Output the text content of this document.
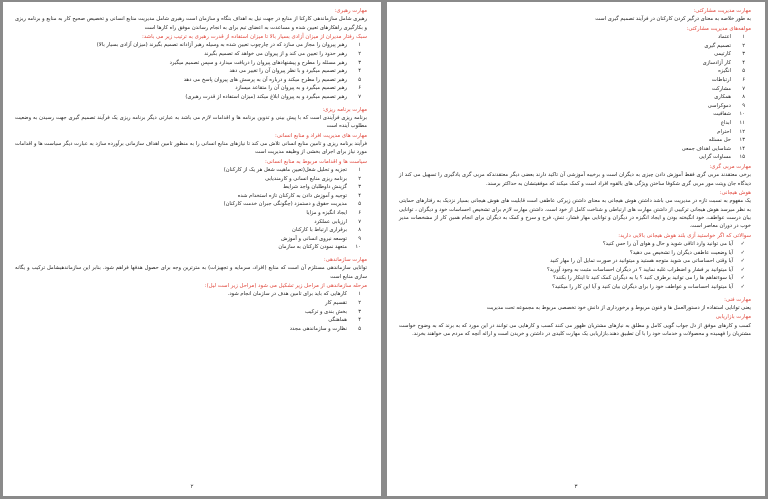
مهارت رهبری:
رهبری شامل سازماندهی کارکنا از منابع در جهت نیل به اهداف بنگاه و سازمان است رهبری شامل مدیریت منابع انسانی و تخصیص صحیح کار به منابع و برنامه ریزی و بکارگیری راهکارهای تعیین شده و مساعدت به اعضای تیم برای به انجام رساندن موفق راه کارها است
سبک رفتار مدیران از میزان آزادی بسیار بالا تا میزان استفاده از قدرت رهبری به ترتیب زیر می باشد:
۱
رهبر پیروان را مجاز می سازد که در چارچوب تعیین شده به وسیله رهبر آزادانه تصمیم بگیرند (میزان آزادی بسیار بالا)
۲
رهبر حدود را تعیین می کند و از پیروان می خواهد که تصمیم بگیرند
۳
رهبر مسئله را مطرح و پیشنهادهای پیروان را دریافت میدارد و سپس تصمیم میگیرد
۴
رهبر تصمیم میگیرد و با نظر پیروان آن را تغییر می دهد
۵
رهبر تصمیم را مطرح میکند و درباره آن به پرسش های پیروان پاسخ می دهد
۶
رهبر تصمیم میگیرد و به پیروان آن را متقاعد میسازد
۷
رهبر تصمیم میگیرد و به پیروان ابلاغ میکند (میزان استفاده از قدرت رهبری)
مهارت برنامه ریزی:
برنامه ریزی فرآیندی است که با پیش بینی و تدوین برنامه ها و اقدامات لازم می باشد به عبارتی دیگر برنامه ریزی یک فرآیند تصمیم گیری جهت رسیدن به وضعیت مطلوب آینده است
مهارت های مدیریت افراد و منابع انسانی:
فرآیند برنامه ریزی و تامین منابع انسانی تلاش می کند تا نیازهای منابع انسانی را به منظور تامین اهداف سازمانی برآورده سازد به عبارت دیگر سیاست ها و اقدامات مورد نیاز برای اجرای بخشی از وظیفه مدیریت است
سیاست ها و اقدامات مربوط به منابع انسانی:
۱
تجزیه و تحلیل شغل(تعیین ماهیت شغل هر یک از کارکنان)
۲
برنامه ریزی منابع انسانی و کارمندیابی
۳
گزینش داوطلبان واجد شرایط
۴
توجیه و آموزش دادن به کارکنان تازه استخدام شده
۵
مدیریت حقوق و دستمزد (چگونگی جبران خدمت کارکنان)
۶
ایجاد انگیزه و مزایا
۷
ارزیابی عملکرد
۸
برقراری ارتباط با کارکنان
۹
توسعه نیروی انسانی و آموزش
۱۰
متعهد نمودن کارکنان به سازمان
مهارت سازماندهی:
توانایی سازماندهی مستلزم آن است که منابع (افراد، سرمایه و تجهیزات) به مترترین وجه برای حصول هدفها فراهم شود. بنابر این سازماندهیشامل ترکیب و یگانه سازی منابع است
مرحله سازماندهی از مراحل زیر تشکیل می شود (مراحل زیر است لیل):
۱
کارهایی که باید برای تامین هدف در سازمان انجام شود.
۲
تقسیم کار
۳
بخش بندی و ترکیب
۴
هماهنگی
۵
نظارت و سازماندهی مجدد
۲
مهارت مدیریت مشارکتی:
به طور خلاصه به معنای درگیر کردن کارکنان در فرآیند تصمیم گیری است
مولفه‌های مدیریت مشارکتی:
۱
اعتماد
۲
تصمیم گیری
۳
کارتیمی
۴
کار آزادسازی
۵
انگیزه
۶
ارتباطات
۷
مشارکت
۸
همکاری
۹
دموکراسی
۱۰
شفافیت
۱۱
ابداع
۱۲
احترام
۱۳
حل مسئله
۱۴
شناسایی اهداف جمعی
۱۵
مساوات گرایی
مهارت مربی گری:
برخی معتقدند مربی گری فقط آموزش دادن چیزی به دیگران است و برخیبه آموزشی آن تاکید دارند بعضی دیگر معتقدندکه مربی گری یادگیری را تسهیل می کند از دیدگاه جان ویتت مور مربی گری شکوفا ساختن ویژگی های بالقوه افراد است و کمک میکند که موفقیتشان به حداکثر برسند.
هوش هیجانی:
یک مفهوم به نسبت تازه در مدیریت می باشد داشتن هوش هیجانی به معنای داشتن زیرکی عاطفی است قابلیت های هوش هیجانی بسیار نزدیک به رفتارهای حمایتی به نظر میرسد هوش هیجانی ترکیبی از داشتن مهارت های ارتباطی و شناخت کامل از خود است. داشتن مهارت لازم برای تشخیص احساسات خود و دیگران ، توانایی بیان درست عواطف، خود انگیخته بودن و ایجاد انگیزه در دیگران و توانایی مهار فشار، تنش، فرح و سرخ و کمک به دیگران برای انجام همین کار از مشخصات مدیر خوب در دوران معاصر است.
سوالاتی که اگر خواستید آزی بلند هوش هیجانی بالایی دارید:
✓
آیا می توانید وارد اتاقی شوید و حال و هوای آن را حس کنید؟
✓
آیا وضعیت عاطفی دیگران را تشخیص می دهید؟
✓
آیا وقتی احساساتی می شوید متوجه هستید و میتوانید در صورت تمایل آن را مهار کنید
✓
آیا میتوانید بر فشار و اضطراب غلبه نمایید ؟ در دیگران احساسات مثبت به وجود آورید؟
✓
آیا سوءتفاهم ها را می توانید برطرف کنید ؟ یا به دیگران کمک کنید تا اینکار را بکنند؟
✓
آیا میتوانید احساسات و عواطف خود را برای دیگران بیان کنید و آیا این کار را میکنید؟
مهارت فنی:
یعنی توانایی استفاده از دستورالعمل ها و فنون مربوط و برخورداری از دانش خود تخصصی مربوط به مجموعه تحت مدیریت
مهارت بازاریابی
کسب و کارهای موفق از دل جواب گویی کامل و مطلق به نیازهای مشتریان ظهور می کنند کسب و کارهایی می توانند در این مورد که به برند که به وضوح خواست مشتریان را فهمیده و محصولات و خدمات خود را با آن تطبیق دهند.بازاریابی یک مهارت کلیدی در داشتن و خریدن است و ارائه آنچه که مردم می خواهند بخرند.
۳
